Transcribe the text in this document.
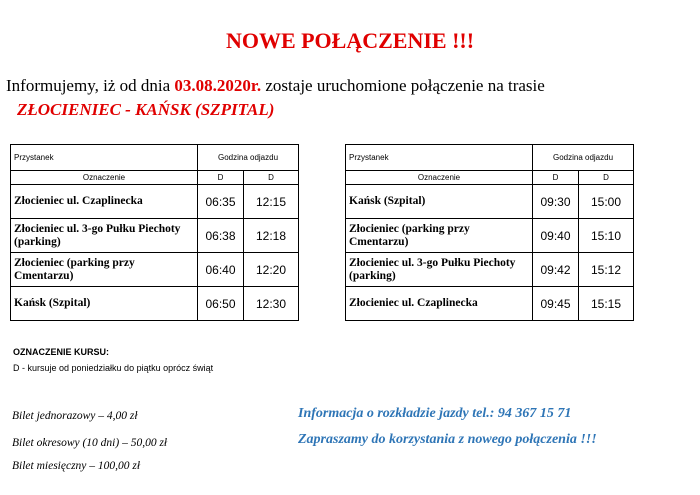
NOWE POŁĄCZENIE !!!
Informujemy, iż od dnia 03.08.2020r. zostaje uruchomione połączenie na trasie
ZŁOCIENIEC - KAŃSK (SZPITAL)
Przystanek	Godzina odjazdu	
Oznaczenie	D	D
Złocieniec ul. Czaplinecka	06:35	12:15
Złocieniec ul. 3-go Pułku Piechoty (parking)	06:38	12:18
Złocieniec (parking przy Cmentarzu)	06:40	12:20
Kańsk (Szpital)	06:50	12:30
Przystanek	Godzina odjazdu	
Oznaczenie	D	D
Kańsk (Szpital)	09:30	15:00
Złocieniec (parking przy Cmentarzu)	09:40	15:10
Złocieniec ul. 3-go Pułku Piechoty (parking)	09:42	15:12
Złocieniec ul. Czaplinecka	09:45	15:15
OZNACZENIE KURSU:
D - kursuje od poniedziałku do piątku oprócz świąt
Bilet jednorazowy – 4,00 zł
Bilet okresowy (10 dni) – 50,00 zł
Bilet miesięczny – 100,00 zł
Informacja o rozkładzie jazdy tel.: 94 367 15 71
Zapraszamy do korzystania z nowego połączenia !!!
